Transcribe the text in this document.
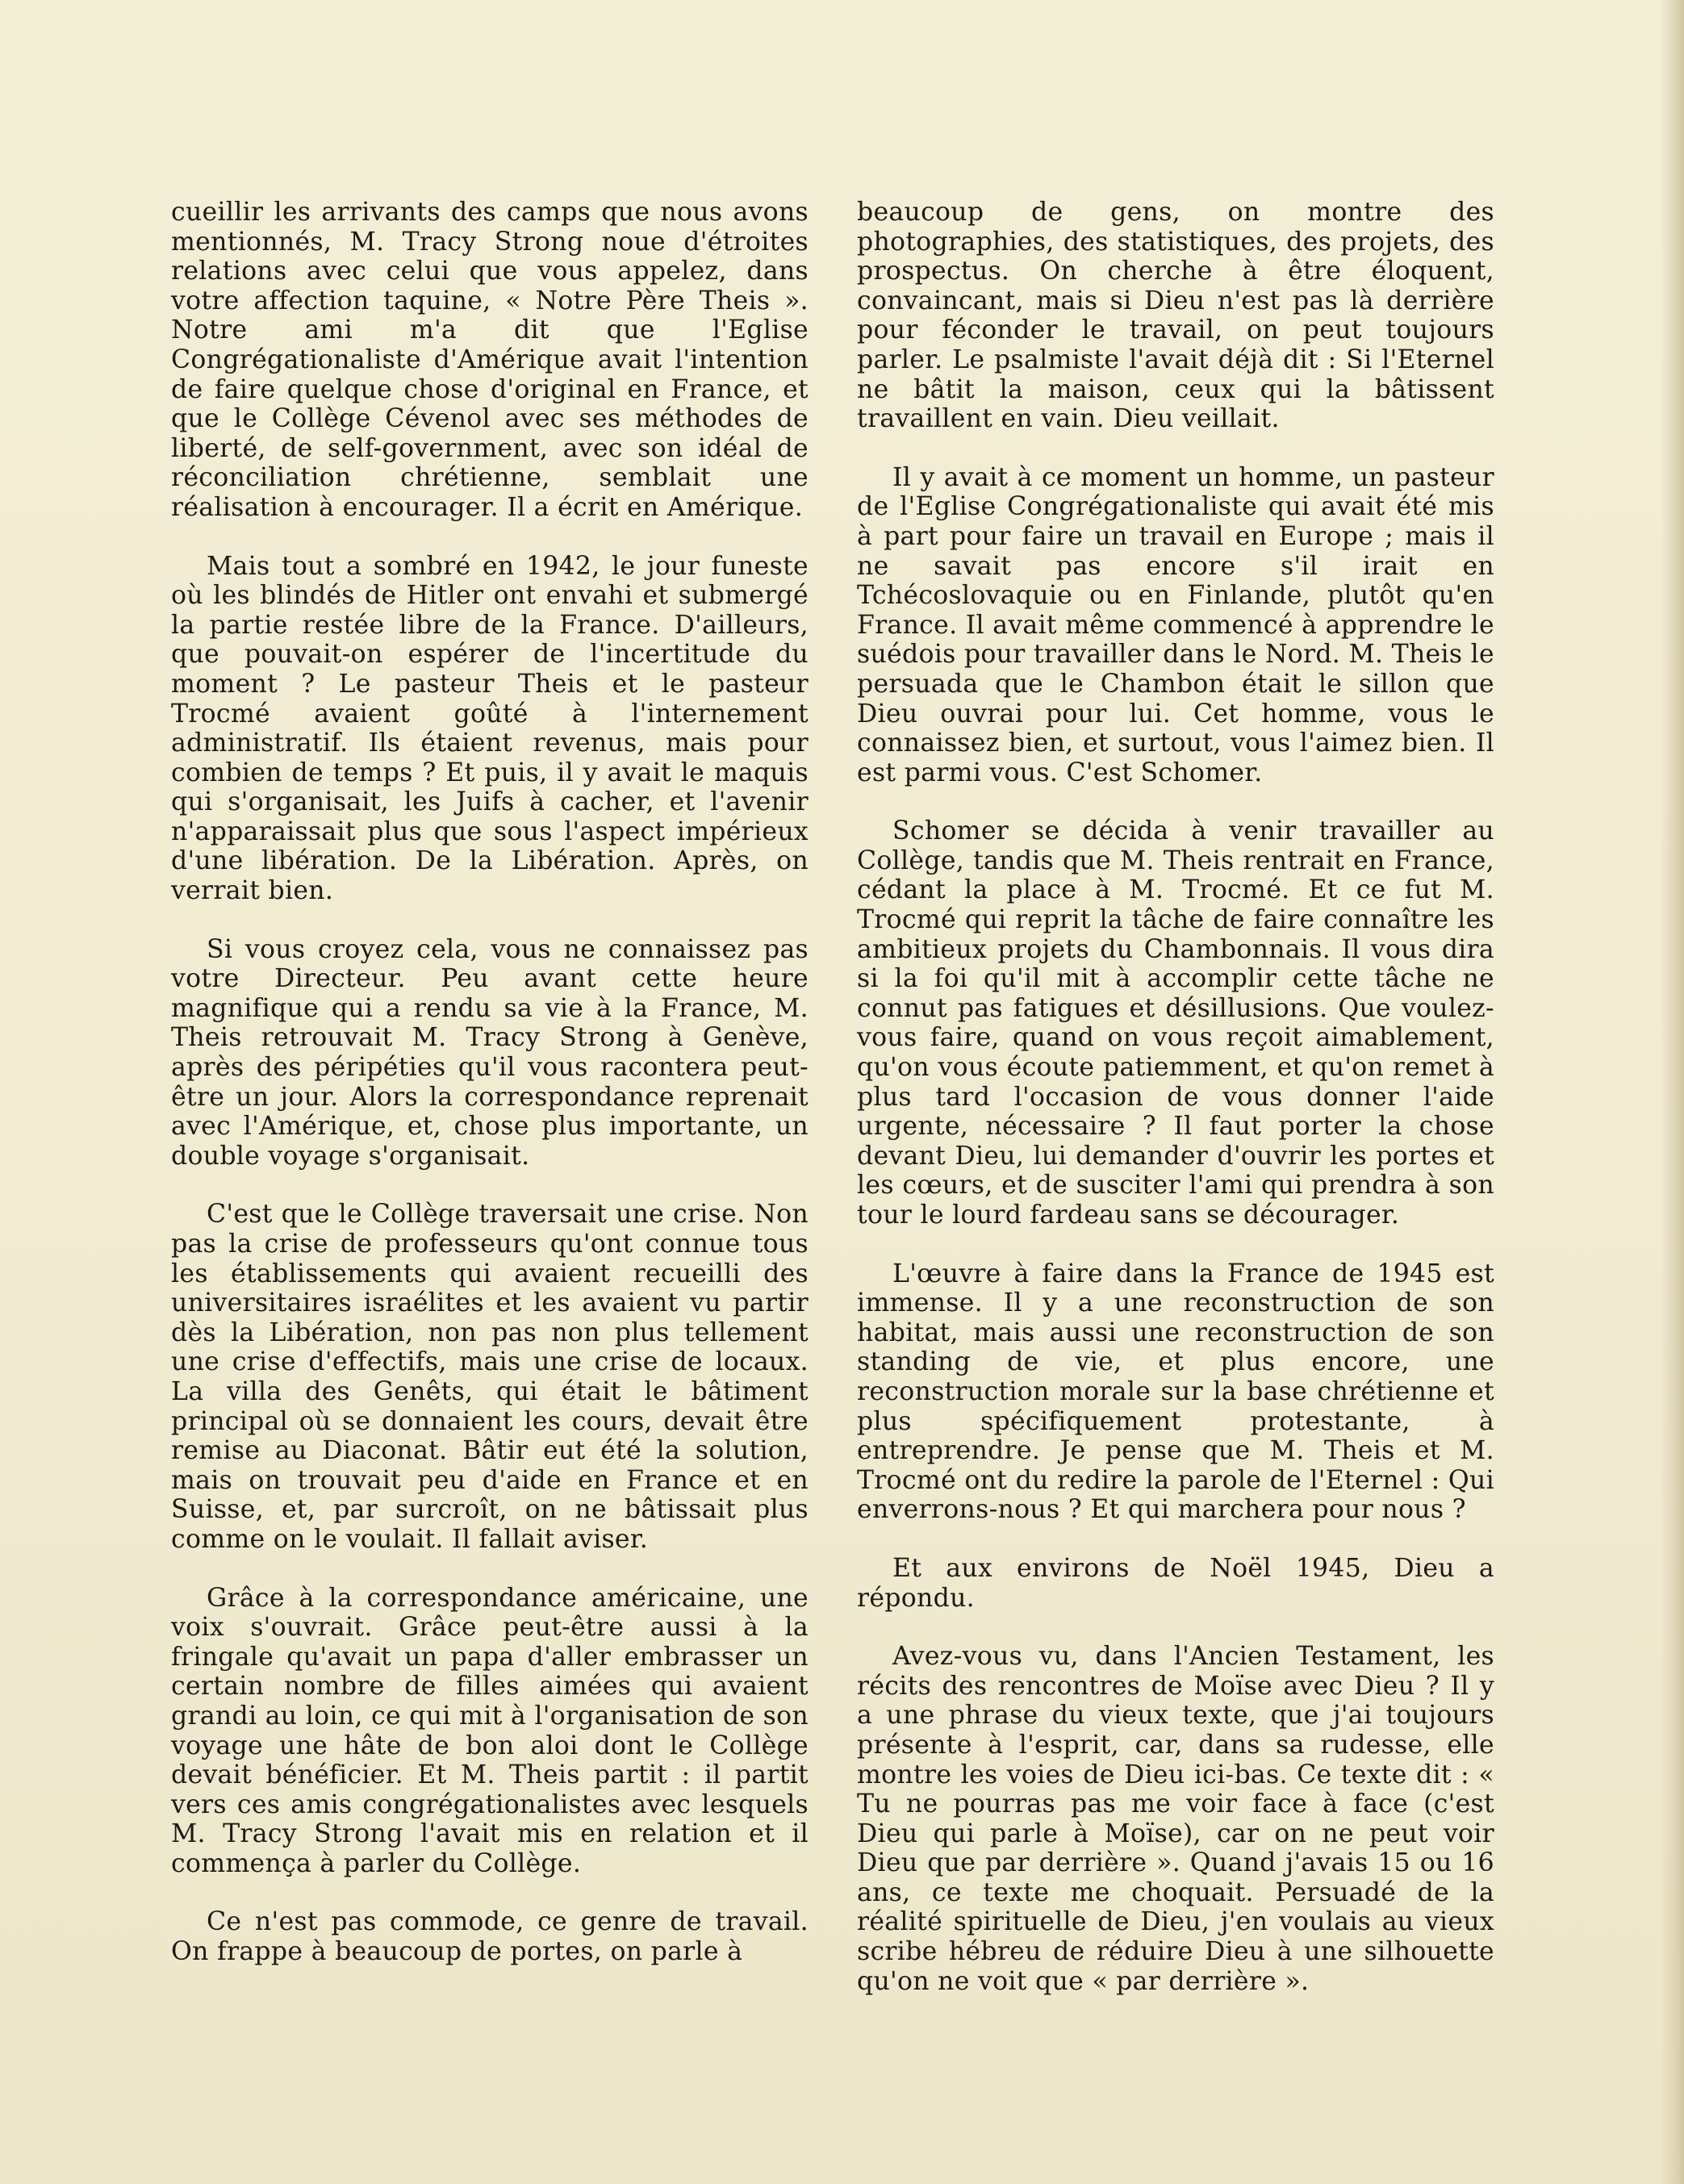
cueillir les arrivants des camps que nous avons mentionnés, M. Tracy Strong noue d'étroites relations avec celui que vous appelez, dans votre affection taquine, « Notre Père Theis ». Notre ami m'a dit que l'Eglise Congrégationaliste d'Amérique avait l'intention de faire quelque chose d'original en France, et que le Collège Cévenol avec ses méthodes de liberté, de self-government, avec son idéal de réconciliation chrétienne, semblait une réalisation à encourager. Il a écrit en Amérique.

Mais tout a sombré en 1942, le jour funeste où les blindés de Hitler ont envahi et submergé la partie restée libre de la France. D'ailleurs, que pouvait-on espérer de l'incertitude du moment ? Le pasteur Theis et le pasteur Trocmé avaient goûté à l'internement administratif. Ils étaient revenus, mais pour combien de temps ? Et puis, il y avait le maquis qui s'organisait, les Juifs à cacher, et l'avenir n'apparaissait plus que sous l'aspect impérieux d'une libération. De la Libération. Après, on verrait bien.

Si vous croyez cela, vous ne connaissez pas votre Directeur. Peu avant cette heure magnifique qui a rendu sa vie à la France, M. Theis retrouvait M. Tracy Strong à Genève, après des péripéties qu'il vous racontera peut-être un jour. Alors la correspondance reprenait avec l'Amérique, et, chose plus importante, un double voyage s'organisait.

C'est que le Collège traversait une crise. Non pas la crise de professeurs qu'ont connue tous les établissements qui avaient recueilli des universitaires israélites et les avaient vu partir dès la Libération, non pas non plus tellement une crise d'effectifs, mais une crise de locaux. La villa des Genêts, qui était le bâtiment principal où se donnaient les cours, devait être remise au Diaconat. Bâtir eut été la solution, mais on trouvait peu d'aide en France et en Suisse, et, par surcroît, on ne bâtissait plus comme on le voulait. Il fallait aviser.

Grâce à la correspondance américaine, une voix s'ouvrait. Grâce peut-être aussi à la fringale qu'avait un papa d'aller embrasser un certain nombre de filles aimées qui avaient grandi au loin, ce qui mit à l'organisation de son voyage une hâte de bon aloi dont le Collège devait bénéficier. Et M. Theis partit : il partit vers ces amis congrégationalistes avec lesquels M. Tracy Strong l'avait mis en relation et il commença à parler du Collège.

Ce n'est pas commode, ce genre de travail. On frappe à beaucoup de portes, on parle à

beaucoup de gens, on montre des photographies, des statistiques, des projets, des prospectus. On cherche à être éloquent, convaincant, mais si Dieu n'est pas là derrière pour féconder le travail, on peut toujours parler. Le psalmiste l'avait déjà dit : Si l'Eternel ne bâtit la maison, ceux qui la bâtissent travaillent en vain. Dieu veillait.

Il y avait à ce moment un homme, un pasteur de l'Eglise Congrégationaliste qui avait été mis à part pour faire un travail en Europe ; mais il ne savait pas encore s'il irait en Tchécoslovaquie ou en Finlande, plutôt qu'en France. Il avait même commencé à apprendre le suédois pour travailler dans le Nord. M. Theis le persuada que le Chambon était le sillon que Dieu ouvrai pour lui. Cet homme, vous le connaissez bien, et surtout, vous l'aimez bien. Il est parmi vous. C'est Schomer.

Schomer se décida à venir travailler au Collège, tandis que M. Theis rentrait en France, cédant la place à M. Trocmé. Et ce fut M. Trocmé qui reprit la tâche de faire connaître les ambitieux projets du Chambonnais. Il vous dira si la foi qu'il mit à accomplir cette tâche ne connut pas fatigues et désillusions. Que voulez-vous faire, quand on vous reçoit aimablement, qu'on vous écoute patiemment, et qu'on remet à plus tard l'occasion de vous donner l'aide urgente, nécessaire ? Il faut porter la chose devant Dieu, lui demander d'ouvrir les portes et les cœurs, et de susciter l'ami qui prendra à son tour le lourd fardeau sans se décourager.

L'œuvre à faire dans la France de 1945 est immense. Il y a une reconstruction de son habitat, mais aussi une reconstruction de son standing de vie, et plus encore, une reconstruction morale sur la base chrétienne et plus spécifiquement protestante, à entreprendre. Je pense que M. Theis et M. Trocmé ont du redire la parole de l'Eternel : Qui enverrons-nous ? Et qui marchera pour nous ?

Et aux environs de Noël 1945, Dieu a répondu.

Avez-vous vu, dans l'Ancien Testament, les récits des rencontres de Moïse avec Dieu ? Il y a une phrase du vieux texte, que j'ai toujours présente à l'esprit, car, dans sa rudesse, elle montre les voies de Dieu ici-bas. Ce texte dit : « Tu ne pourras pas me voir face à face (c'est Dieu qui parle à Moïse), car on ne peut voir Dieu que par derrière ». Quand j'avais 15 ou 16 ans, ce texte me choquait. Persuadé de la réalité spirituelle de Dieu, j'en voulais au vieux scribe hébreu de réduire Dieu à une silhouette qu'on ne voit que « par derrière ».
